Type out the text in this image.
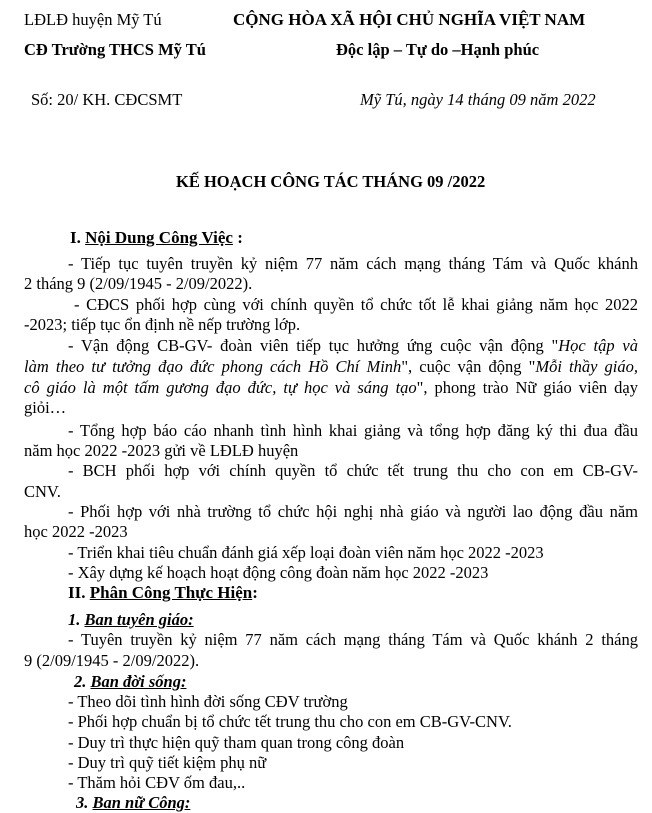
LĐLĐ huyện Mỹ Tú
CĐ Trường THCS Mỹ Tú
CỘNG HÒA XÃ HỘI CHỦ NGHĨA VIỆT NAM
Độc lập – Tự do –Hạnh phúc
Số: 20/ KH. CĐCSMT	Mỹ Tú, ngày 14 tháng 09 năm 2022
KẾ HOẠCH CÔNG TÁC THÁNG 09 /2022
I. Nội Dung Công Việc :
- Tiếp tục tuyên truyền kỷ niệm 77 năm cách mạng tháng Tám và Quốc khánh
2 tháng 9 (2/09/1945 - 2/09/2022).
- CĐCS phối hợp cùng với chính quyền tổ chức tốt lễ khai giảng năm học 2022
-2023; tiếp tục ổn định nề nếp trường lớp.
- Vận động CB-GV- đoàn viên tiếp tục hưởng ứng cuộc vận động "Học tập và
làm theo tư tưởng đạo đức phong cách Hồ Chí Minh", cuộc vận động "Mỗi thầy giáo,
cô giáo là một tấm gương đạo đức, tự học và sáng tạo", phong trào Nữ giáo viên dạy
giỏi…
- Tổng hợp báo cáo nhanh tình hình khai giảng và tổng hợp đăng ký thi đua đầu
năm học 2022 -2023 gửi về LĐLĐ huyện
- BCH phối hợp với chính quyền tổ chức tết trung thu cho con em CB-GV-
CNV.
- Phối hợp với nhà trường tổ chức hội nghị nhà giáo và người lao động đầu năm
học 2022 -2023
- Triển khai tiêu chuẩn đánh giá xếp loại đoàn viên năm học 2022 -2023
- Xây dựng kế hoạch hoạt động công đoàn năm học 2022 -2023
II. Phân Công Thực Hiện:
1. Ban tuyên giáo:
- Tuyên truyền kỷ niệm 77 năm cách mạng tháng Tám và Quốc khánh 2 tháng
9 (2/09/1945 - 2/09/2022).
2. Ban đời sống:
- Theo dõi tình hình đời sống CĐV trường
- Phối hợp chuẩn bị tổ chức tết trung thu cho con em CB-GV-CNV.
- Duy trì thực hiện quỹ tham quan trong công đoàn
- Duy trì quỹ tiết kiệm phụ nữ
- Thăm hỏi CĐV ốm đau,..
3. Ban nữ Công:
